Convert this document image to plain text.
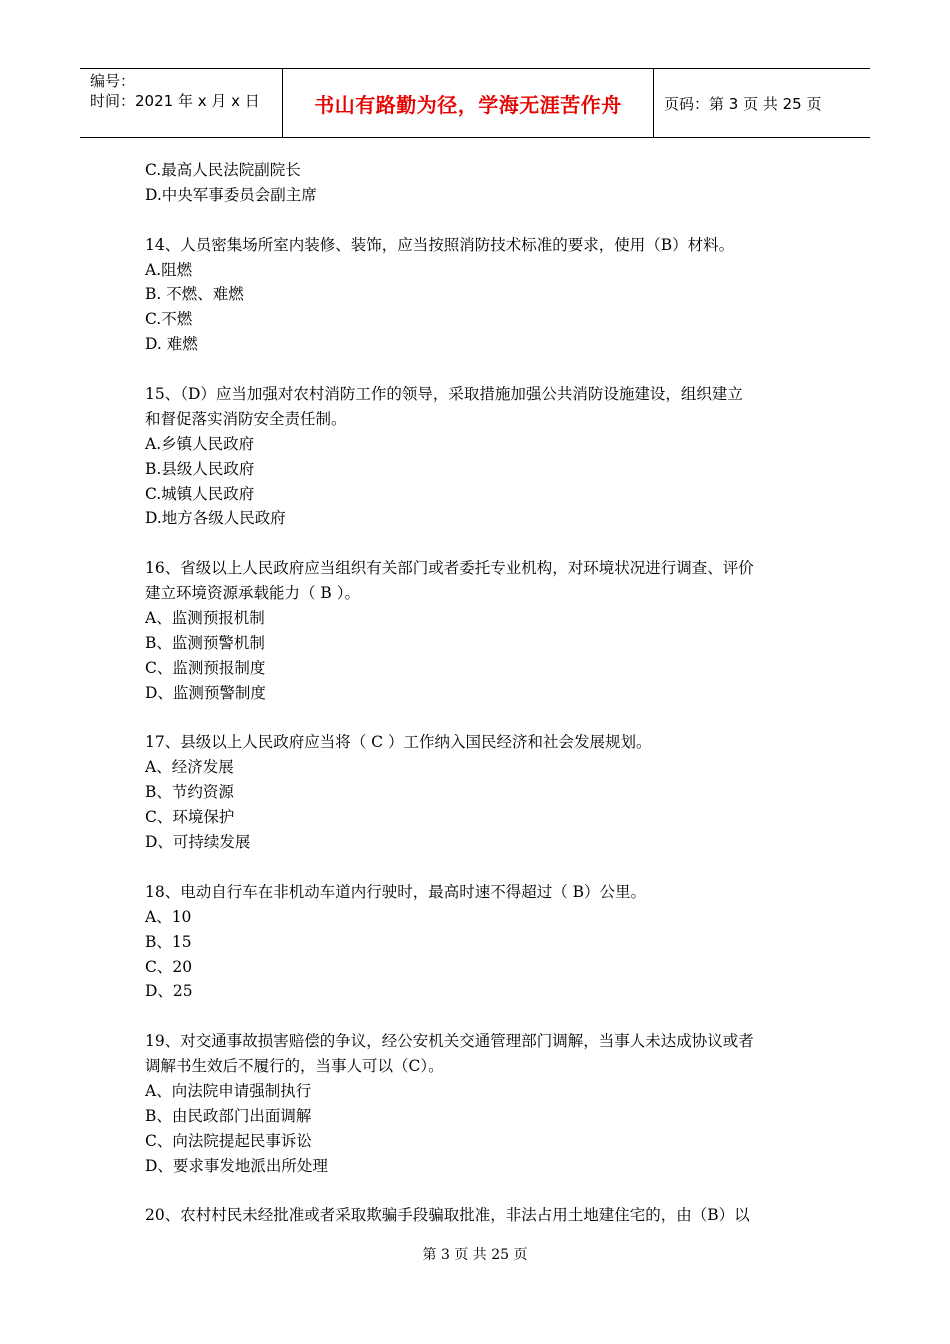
编号：
时间：2021 年 x 月 x 日	书山有路勤为径，学海无涯苦作舟	页码：第 3 页 共 25 页
C.最高人民法院副院长
D.中央军事委员会副主席
14、人员密集场所室内装修、装饰，应当按照消防技术标准的要求，使用（B）材料。
A.阻燃
B. 不燃、难燃
C.不燃
D. 难燃
15、（D）应当加强对农村消防工作的领导，采取措施加强公共消防设施建设，组织建立
和督促落实消防安全责任制。
A.乡镇人民政府
B.县级人民政府
C.城镇人民政府
D.地方各级人民政府
16、省级以上人民政府应当组织有关部门或者委托专业机构，对环境状况进行调查、评价
建立环境资源承载能力（ B ）。
A、监测预报机制
B、监测预警机制
C、监测预报制度
D、监测预警制度
17、县级以上人民政府应当将（ C ）工作纳入国民经济和社会发展规划。
A、经济发展
B、节约资源
C、环境保护
D、可持续发展
18、电动自行车在非机动车道内行驶时，最高时速不得超过（ B）公里。
A、10
B、15
C、20
D、25
19、对交通事故损害赔偿的争议，经公安机关交通管理部门调解，当事人未达成协议或者
调解书生效后不履行的，当事人可以（C）。
A、向法院申请强制执行
B、由民政部门出面调解
C、向法院提起民事诉讼
D、要求事发地派出所处理
20、农村村民未经批准或者采取欺骗手段骗取批准，非法占用土地建住宅的，由（B）以
第 3 页 共 25 页
